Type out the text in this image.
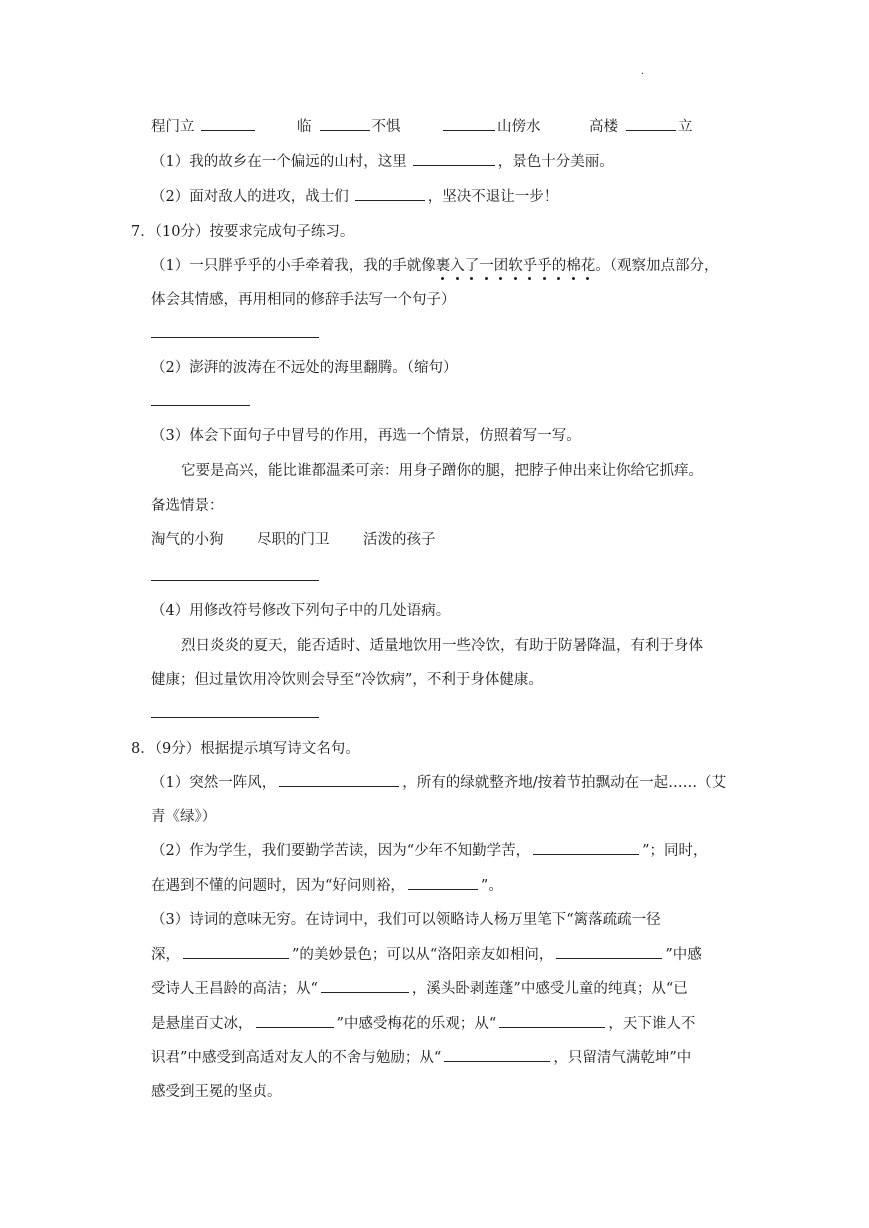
.
程门立	临	不惧	山傍水	高楼	立
（1）我的故乡在一个偏远的山村，这里	，景色十分美丽。
（2）面对敌人的进攻，战士们	，坚决不退让一步！
7．（10分）按要求完成句子练习。
（1）一只胖乎乎的小手牵着我，我的手就像裹入了一团软乎乎的棉花。（观察加点部分，
体会其情感，再用相同的修辞手法写一个句子）
（2）澎湃的波涛在不远处的海里翻腾。（缩句）
（3）体会下面句子中冒号的作用，再选一个情景，仿照着写一写。
它要是高兴，能比谁都温柔可亲：用身子蹭你的腿，把脖子伸出来让你给它抓痒。
备选情景：
淘气的小狗 尽职的门卫 活泼的孩子
（4）用修改符号修改下列句子中的几处语病。
烈日炎炎的夏天，能否适时、适量地饮用一些冷饮，有助于防暑降温，有利于身体
健康；但过量饮用冷饮则会导至“冷饮病”，不利于身体健康。
8．（9分）根据提示填写诗文名句。
（1）突然一阵风，	，所有的绿就整齐地/按着节拍飘动在一起……（艾
青《绿》）
（2）作为学生，我们要勤学苦读，因为“少年不知勤学苦，	”；同时，
在遇到不懂的问题时，因为“好问则裕，	”。
（3）诗词的意味无穷。在诗词中，我们可以领略诗人杨万里笔下“篱落疏疏一径
深，	”的美妙景色；可以从“洛阳亲友如相问，	”中感
受诗人王昌龄的高洁；从“	，溪头卧剥莲蓬”中感受儿童的纯真；从“已
是悬崖百丈冰，	”中感受梅花的乐观；从“	，天下谁人不
识君”中感受到高适对友人的不舍与勉励；从“	，只留清气满乾坤”中
感受到王冕的坚贞。
